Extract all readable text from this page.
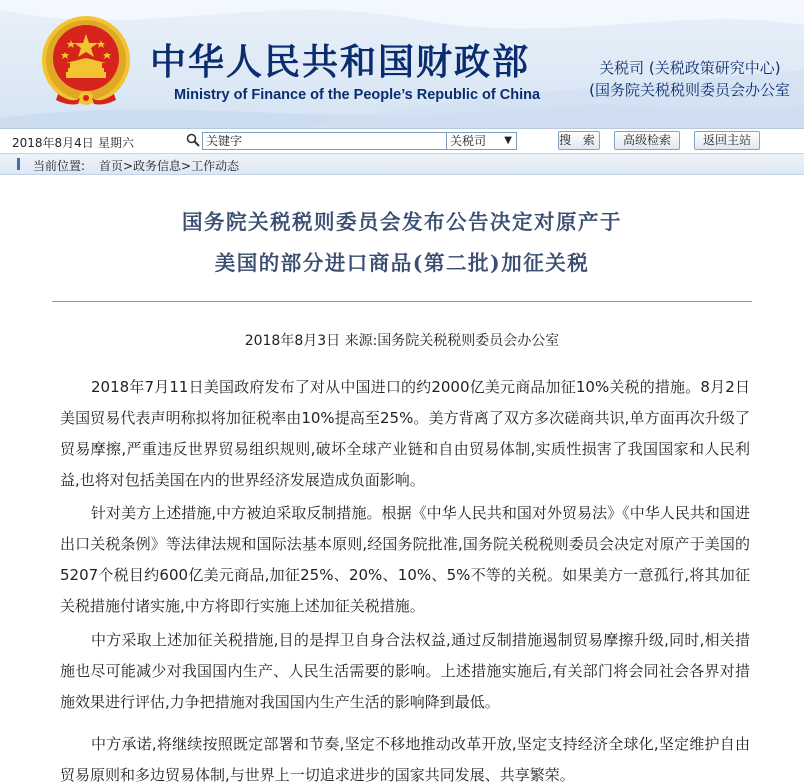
中华人民共和国财政部
Ministry of Finance of the People’s Republic of China
关税司 (关税政策研究中心)
(国务院关税税则委员会办公室
2018年8月4日 星期六
关键字	关税司 ▼	搜 索	高级检索	返回主站
当前位置: 首页>政务信息>工作动态
国务院关税税则委员会发布公告决定对原产于
美国的部分进口商品(第二批)加征关税
2018年8月3日 来源:国务院关税税则委员会办公室
2018年7月11日美国政府发布了对从中国进口的约2000亿美元商品加征10%关税的措施。8月2日美国贸易代表声明称拟将加征税率由10%提高至25%。美方背离了双方多次磋商共识,单方面再次升级了贸易摩擦,严重违反世界贸易组织规则,破坏全球产业链和自由贸易体制,实质性损害了我国国家和人民利益,也将对包括美国在内的世界经济发展造成负面影响。
针对美方上述措施,中方被迫采取反制措施。根据《中华人民共和国对外贸易法》《中华人民共和国进出口关税条例》等法律法规和国际法基本原则,经国务院批准,国务院关税税则委员会决定对原产于美国的5207个税目约600亿美元商品,加征25%、20%、10%、5%不等的关税。如果美方一意孤行,将其加征关税措施付诸实施,中方将即行实施上述加征关税措施。
中方采取上述加征关税措施,目的是捍卫自身合法权益,通过反制措施遏制贸易摩擦升级,同时,相关措施也尽可能减少对我国国内生产、人民生活需要的影响。上述措施实施后,有关部门将会同社会各界对措施效果进行评估,力争把措施对我国国内生产生活的影响降到最低。
中方承诺,将继续按照既定部署和节奏,坚定不移地推动改革开放,坚定支持经济全球化,坚定维护自由贸易原则和多边贸易体制,与世界上一切追求进步的国家共同发展、共享繁荣。
